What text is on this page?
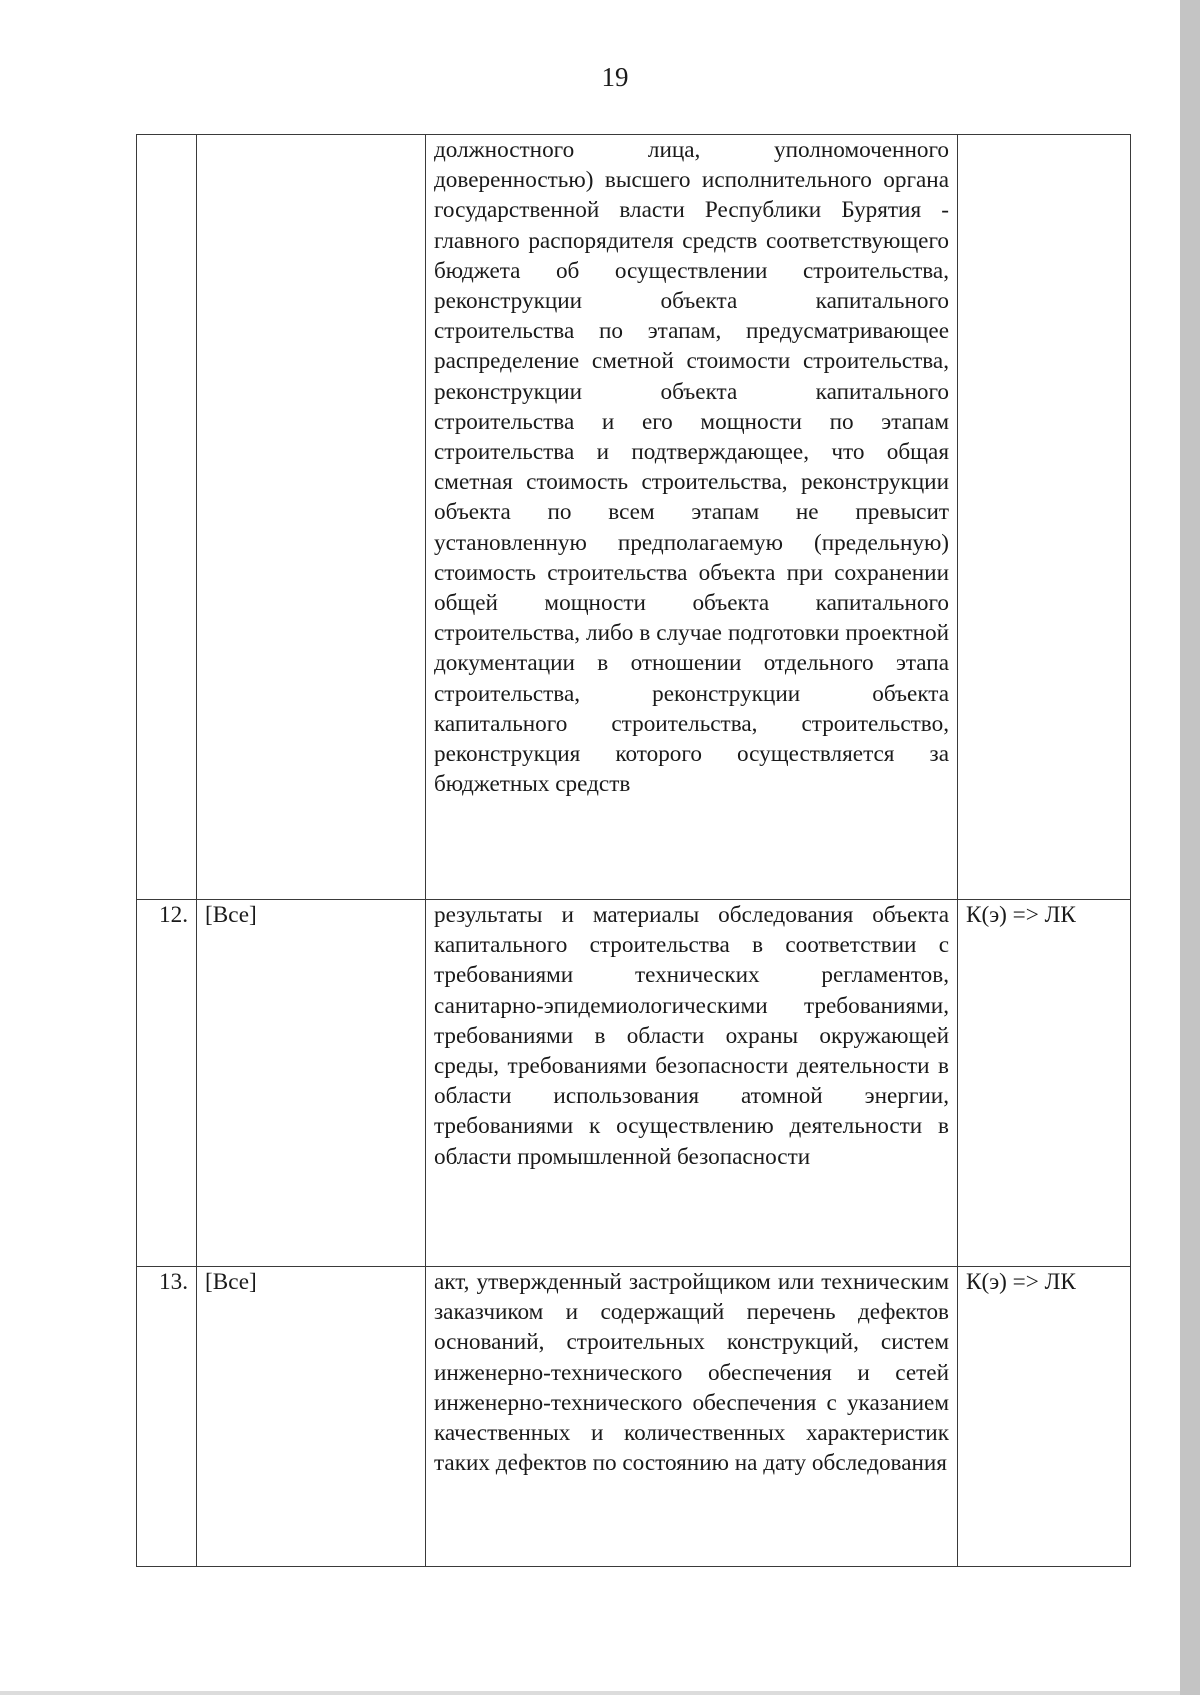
19
		должностного лица, уполномоченного доверенностью) высшего исполнительного органа государственной власти Республики Бурятия - главного распорядителя средств соответствующего бюджета об осуществлении строительства, реконструкции объекта капитального строительства по этапам, предусматривающее распределение сметной стоимости строительства, реконструкции объекта капитального строительства и его мощности по этапам строительства и подтверждающее, что общая сметная стоимость строительства, реконструкции объекта по всем этапам не превысит установленную предполагаемую (предельную) стоимость строительства объекта при сохранении общей мощности объекта капитального строительства, либо в случае подготовки проектной документации в отношении отдельного этапа строительства, реконструкции объекта капитального строительства, строительство, реконструкция которого осуществляется за бюджетных средств	
12.	[Все]	результаты и материалы обследования объекта капитального строительства в соответствии с требованиями технических регламентов, санитарно-эпидемиологическими требованиями, требованиями в области охраны окружающей среды, требованиями безопасности деятельности в области использования атомной энергии, требованиями к осуществлению деятельности в области промышленной безопасности	К(э) => ЛК
13.	[Все]	акт, утвержденный застройщиком или техническим заказчиком и содержащий перечень дефектов оснований, строительных конструкций, систем инженерно-технического обеспечения и сетей инженерно-технического обеспечения с указанием качественных и количественных характеристик таких дефектов по состоянию на дату обследования	К(э) => ЛК
